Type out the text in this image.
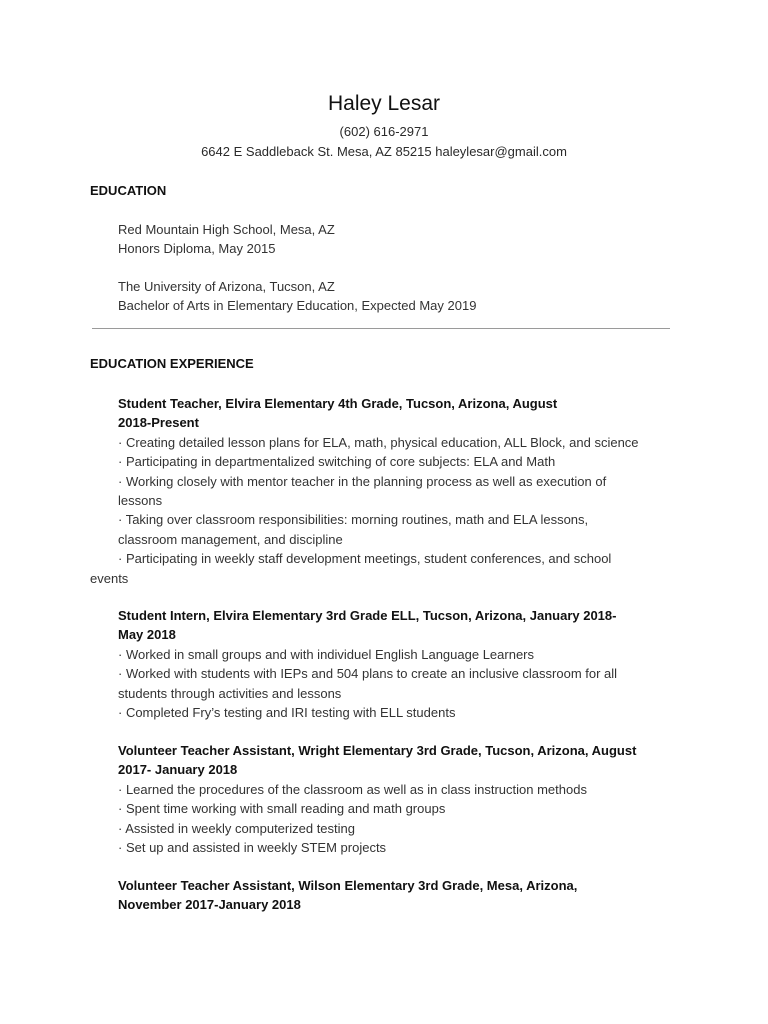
Haley Lesar
(602) 616-2971
6642 E Saddleback St. Mesa, AZ 85215 haleylesar@gmail.com
EDUCATION
Red Mountain High School, Mesa, AZ
Honors Diploma, May 2015
The University of Arizona, Tucson, AZ
Bachelor of Arts in Elementary Education, Expected May 2019
EDUCATION EXPERIENCE
Student Teacher, Elvira Elementary 4th Grade, Tucson, Arizona, August
2018-Present
· Creating detailed lesson plans for ELA, math, physical education, ALL Block, and science
· Participating in departmentalized switching of core subjects: ELA and Math
· Working closely with mentor teacher in the planning process as well as execution of
lessons
· Taking over classroom responsibilities: morning routines, math and ELA lessons,
classroom management, and discipline
· Participating in weekly staff development meetings, student conferences, and school
events
Student Intern, Elvira Elementary 3rd Grade ELL, Tucson, Arizona, January 2018-
May 2018
· Worked in small groups and with individuel English Language Learners
· Worked with students with IEPs and 504 plans to create an inclusive classroom for all
students through activities and lessons
· Completed Fry’s testing and IRI testing with ELL students
Volunteer Teacher Assistant, Wright Elementary 3rd Grade, Tucson, Arizona, August
2017- January 2018
· Learned the procedures of the classroom as well as in class instruction methods
· Spent time working with small reading and math groups
· Assisted in weekly computerized testing
· Set up and assisted in weekly STEM projects
Volunteer Teacher Assistant, Wilson Elementary 3rd Grade, Mesa, Arizona,
November 2017-January 2018
